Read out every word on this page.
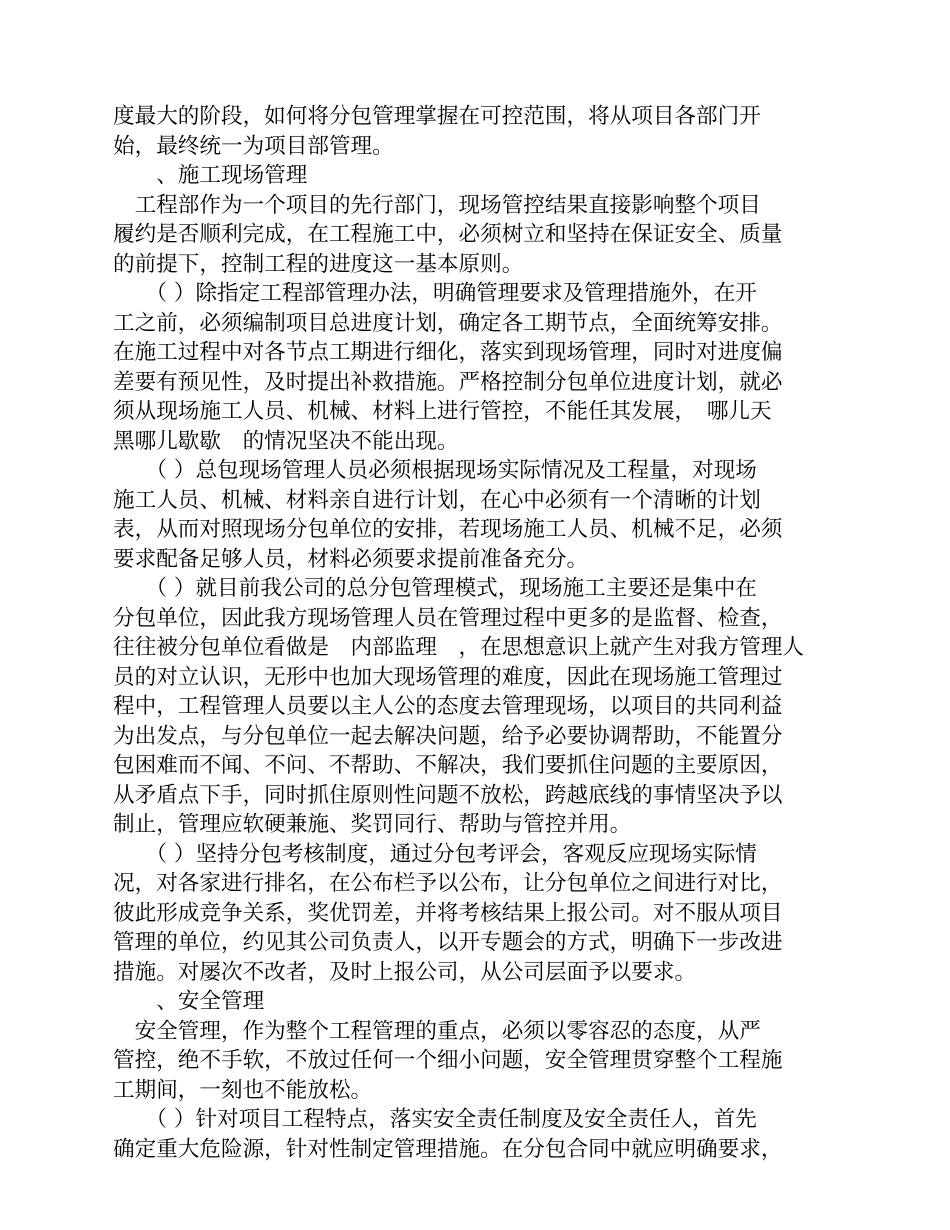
度最大的阶段，如何将分包管理掌握在可控范围，将从项目各部门开
始，最终统一为项目部管理。
　　、施工现场管理
　工程部作为一个项目的先行部门，现场管控结果直接影响整个项目
履约是否顺利完成，在工程施工中，必须树立和坚持在保证安全、质量
的前提下，控制工程的进度这一基本原则。
　　（ ）除指定工程部管理办法，明确管理要求及管理措施外，在开
工之前，必须编制项目总进度计划，确定各工期节点，全面统筹安排。
在施工过程中对各节点工期进行细化，落实到现场管理，同时对进度偏
差要有预见性，及时提出补救措施。严格控制分包单位进度计划，就必
须从现场施工人员、机械、材料上进行管控，不能任其发展，　哪儿天
黑哪儿歇歇　的情况坚决不能出现。
　　（ ）总包现场管理人员必须根据现场实际情况及工程量，对现场
施工人员、机械、材料亲自进行计划，在心中必须有一个清晰的计划
表，从而对照现场分包单位的安排，若现场施工人员、机械不足，必须
要求配备足够人员，材料必须要求提前准备充分。
　　（ ）就目前我公司的总分包管理模式，现场施工主要还是集中在
分包单位，因此我方现场管理人员在管理过程中更多的是监督、检查，
往往被分包单位看做是　内部监理　，在思想意识上就产生对我方管理人
员的对立认识，无形中也加大现场管理的难度，因此在现场施工管理过
程中，工程管理人员要以主人公的态度去管理现场，以项目的共同利益
为出发点，与分包单位一起去解决问题，给予必要协调帮助，不能置分
包困难而不闻、不问、不帮助、不解决，我们要抓住问题的主要原因，
从矛盾点下手，同时抓住原则性问题不放松，跨越底线的事情坚决予以
制止，管理应软硬兼施、奖罚同行、帮助与管控并用。
　　（ ）坚持分包考核制度，通过分包考评会，客观反应现场实际情
况，对各家进行排名，在公布栏予以公布，让分包单位之间进行对比，
彼此形成竞争关系，奖优罚差，并将考核结果上报公司。对不服从项目
管理的单位，约见其公司负责人，以开专题会的方式，明确下一步改进
措施。对屡次不改者，及时上报公司，从公司层面予以要求。
　　、安全管理
　安全管理，作为整个工程管理的重点，必须以零容忍的态度，从严
管控，绝不手软，不放过任何一个细小问题，安全管理贯穿整个工程施
工期间，一刻也不能放松。
　　（ ）针对项目工程特点，落实安全责任制度及安全责任人，首先
确定重大危险源，针对性制定管理措施。在分包合同中就应明确要求，
